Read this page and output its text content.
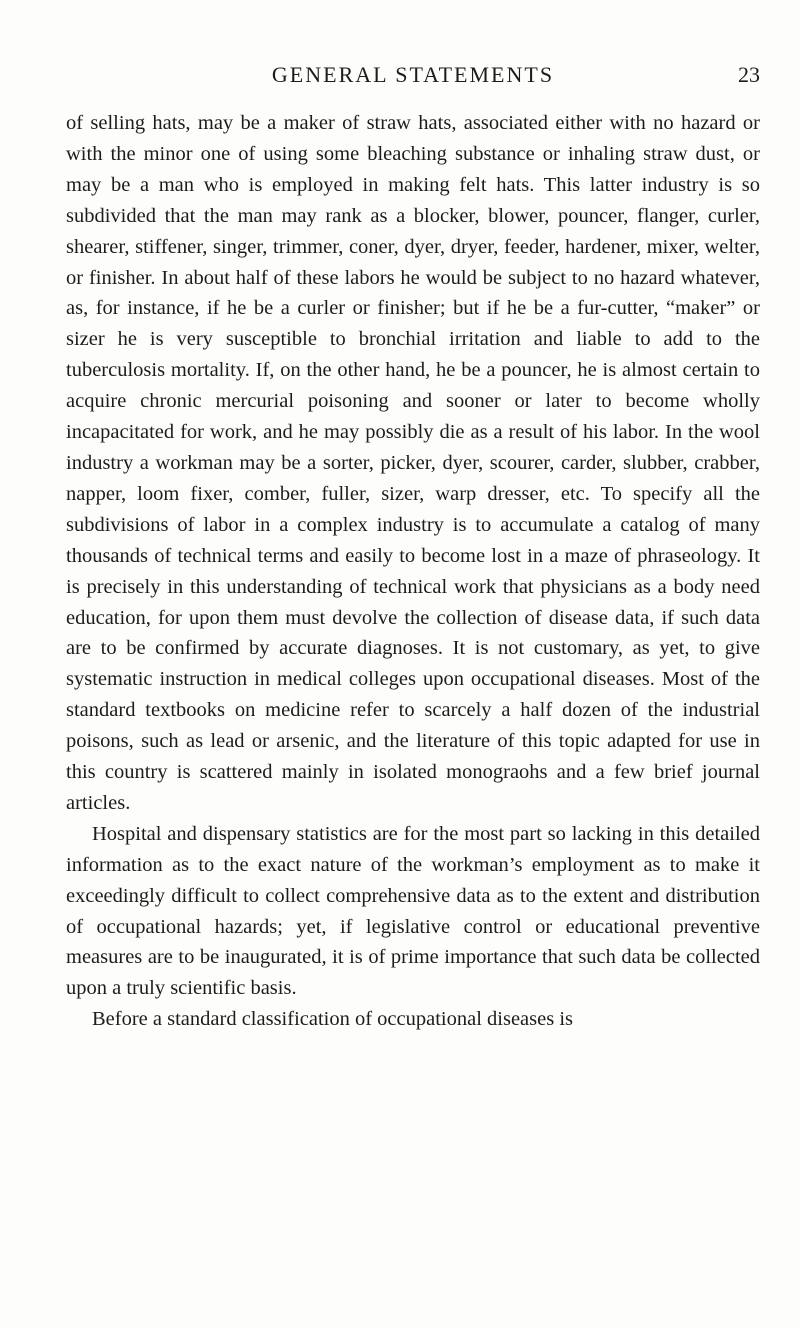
GENERAL STATEMENTS	23

of selling hats, may be a maker of straw hats, associated either with no hazard or with the minor one of using some bleaching substance or inhaling straw dust, or may be a man who is employed in making felt hats. This latter industry is so subdivided that the man may rank as a blocker, blower, pouncer, flanger, curler, shearer, stiffener, singer, trimmer, coner, dyer, dryer, feeder, hardener, mixer, welter, or finisher. In about half of these labors he would be subject to no hazard whatever, as, for instance, if he be a curler or finisher; but if he be a fur-cutter, “maker” or sizer he is very susceptible to bronchial irritation and liable to add to the tuberculosis mortality. If, on the other hand, he be a pouncer, he is almost certain to acquire chronic mercurial poisoning and sooner or later to become wholly incapacitated for work, and he may possibly die as a result of his labor. In the wool industry a workman may be a sorter, picker, dyer, scourer, carder, slubber, crabber, napper, loom fixer, comber, fuller, sizer, warp dresser, etc. To specify all the subdivisions of labor in a complex industry is to accumulate a catalog of many thousands of technical terms and easily to become lost in a maze of phraseology. It is precisely in this understanding of technical work that physicians as a body need education, for upon them must devolve the collection of disease data, if such data are to be confirmed by accurate diagnoses. It is not customary, as yet, to give systematic instruction in medical colleges upon occupational diseases. Most of the standard textbooks on medicine refer to scarcely a half dozen of the industrial poisons, such as lead or arsenic, and the literature of this topic adapted for use in this country is scattered mainly in isolated monograohs and a few brief journal articles.

Hospital and dispensary statistics are for the most part so lacking in this detailed information as to the exact nature of the workman’s employment as to make it exceedingly difficult to collect comprehensive data as to the extent and distribution of occupational hazards; yet, if legislative control or educational preventive measures are to be inaugurated, it is of prime importance that such data be collected upon a truly scientific basis.

Before a standard classification of occupational diseases is
